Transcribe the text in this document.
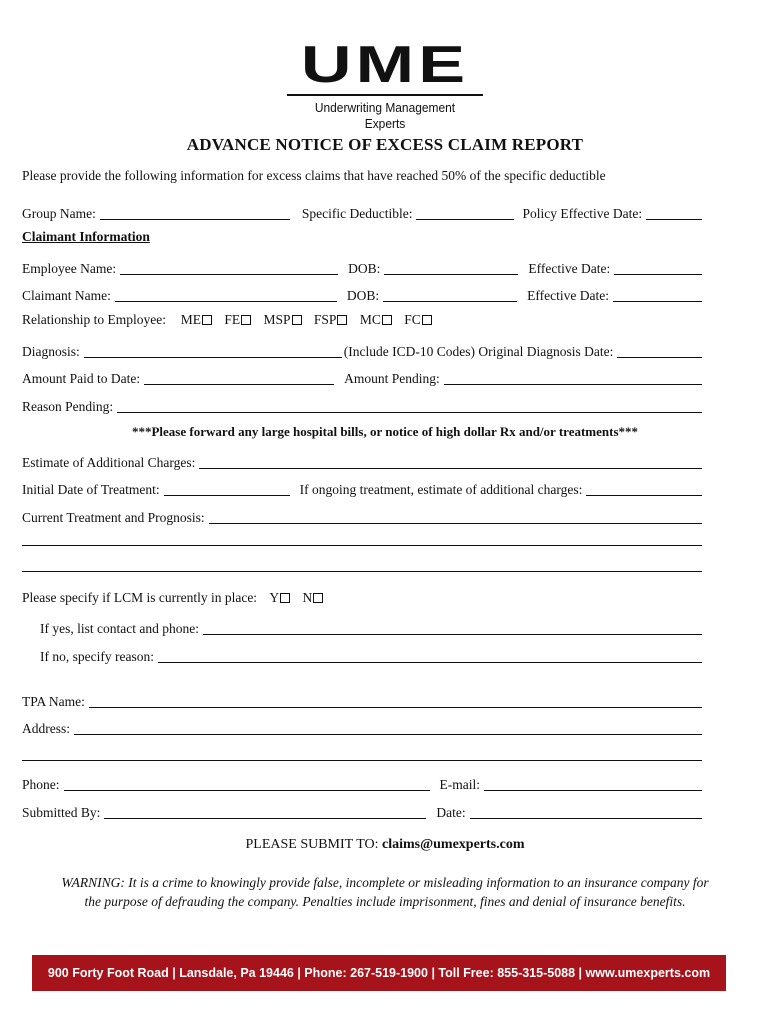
UME
Underwriting Management Experts
ADVANCE NOTICE OF EXCESS CLAIM REPORT
Please provide the following information for excess claims that have reached 50% of the specific deductible
Group Name:	Specific Deductible:	Policy Effective Date:
Claimant Information
Employee Name:	DOB:	Effective Date:
Claimant Name:	DOB:	Effective Date:
Relationship to Employee: ME FE MSP FSP MC FC
Diagnosis:	(Include ICD-10 Codes) Original Diagnosis Date:
Amount Paid to Date:	Amount Pending:
Reason Pending:
***Please forward any large hospital bills, or notice of high dollar Rx and/or treatments***
Estimate of Additional Charges:
Initial Date of Treatment:	If ongoing treatment, estimate of additional charges:
Current Treatment and Prognosis:
Please specify if LCM is currently in place: Y N
If yes, list contact and phone:
If no, specify reason:
TPA Name:
Address:
Phone:	E-mail:
Submitted By:	Date:
PLEASE SUBMIT TO: claims@umexperts.com
WARNING: It is a crime to knowingly provide false, incomplete or misleading information to an insurance company for
the purpose of defrauding the company. Penalties include imprisonment, fines and denial of insurance benefits.
900 Forty Foot Road | Lansdale, Pa 19446 | Phone: 267-519-1900 | Toll Free: 855-315-5088 | www.umexperts.com
